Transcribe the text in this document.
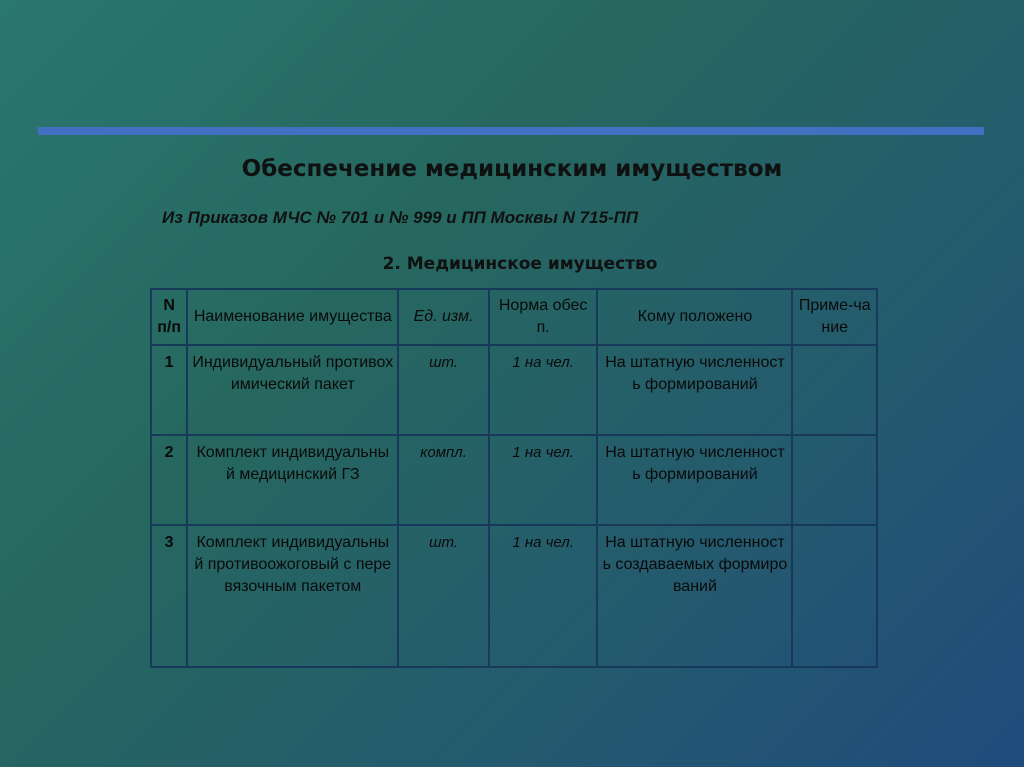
Обеспечение медицинским имуществом
Из Приказов МЧС № 701 и № 999 и ПП Москвы N 715-ПП
2. Медицинское имущество
N п/п	Наименование имущества	Ед. изм.	Норма обесп.	Кому положено	Приме-чание
1	Индивидуальный противохимический пакет	шт.	1 на чел.	На штатную численность формирований	
2	Комплект индивидуальный медицинский ГЗ	компл.	1 на чел.	На штатную численность формирований	
3	Комплект индивидуальный противоожоговый с перевязочным пакетом	шт.	1 на чел.	На штатную численность создаваемых формирований	
